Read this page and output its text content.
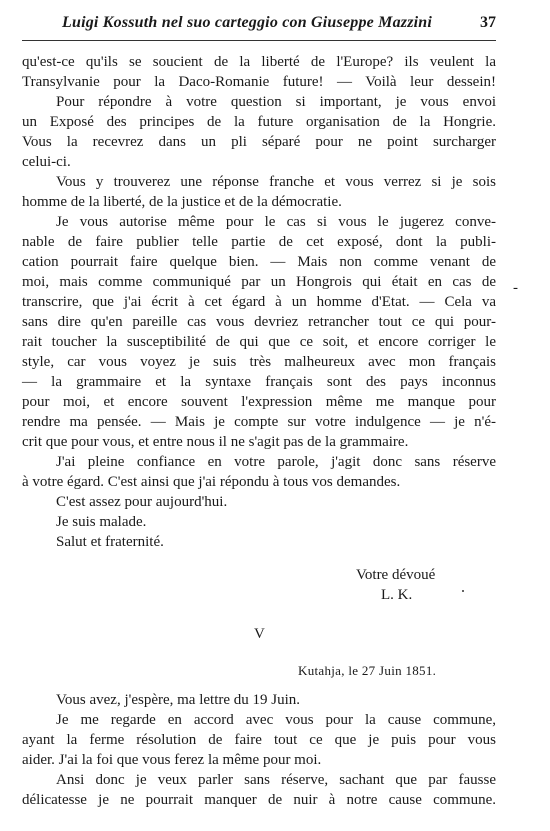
Luigi Kossuth nel suo carteggio con Giuseppe Mazzini	37
qu'est-ce qu'ils se soucient de la liberté de l'Europe? ils veulent la
Transylvanie pour la Daco-Romanie future! — Voilà leur dessein!
Pour répondre à votre question si important, je vous envoi
un Exposé des principes de la future organisation de la Hongrie.
Vous la recevrez dans un pli séparé pour ne point surcharger
celui-ci.
Vous y trouverez une réponse franche et vous verrez si je sois
homme de la liberté, de la justice et de la démocratie.
Je vous autorise même pour le cas si vous le jugerez conve-
nable de faire publier telle partie de cet exposé, dont la publi-
cation pourrait faire quelque bien. — Mais non comme venant de
moi, mais comme communiqué par un Hongrois qui était en cas de
transcrire, que j'ai écrit à cet égard à un homme d'Etat. — Cela va
sans dire qu'en pareille cas vous devriez retrancher tout ce qui pour-
rait toucher la susceptibilité de qui que ce soit, et encore corriger le
style, car vous voyez je suis très malheureux avec mon français
— la grammaire et la syntaxe français sont des pays inconnus
pour moi, et encore souvent l'expression même me manque pour
rendre ma pensée. — Mais je compte sur votre indulgence — je n'é-
crit que pour vous, et entre nous il ne s'agit pas de la grammaire.
J'ai pleine confiance en votre parole, j'agit donc sans réserve
à votre égard. C'est ainsi que j'ai répondu à tous vos demandes.
C'est assez pour aujourd'hui.
Je suis malade.
Salut et fraternité.
-
Votre dévoué
L. K.
V
Kutahja, le 27 Juin 1851.
Vous avez, j'espère, ma lettre du 19 Juin.
Je me regarde en accord avec vous pour la cause commune,
ayant la ferme résolution de faire tout ce que je puis pour vous
aider. J'ai la foi que vous ferez la même pour moi.
Ansi donc je veux parler sans réserve, sachant que par fausse
délicatesse je ne pourrait manquer de nuir à notre cause commune.
